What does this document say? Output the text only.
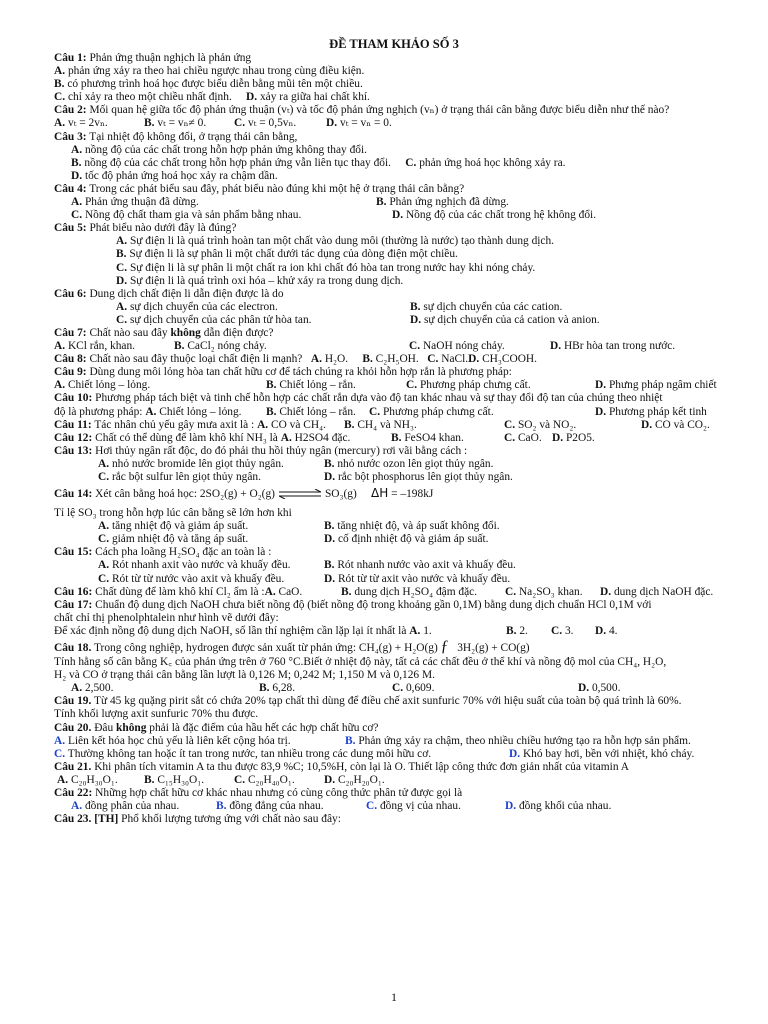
ĐỀ THAM KHẢO SỐ 3
Câu 1: Phản ứng thuận nghịch là phản ứng
A. phản ứng xảy ra theo hai chiều ngược nhau trong cùng điều kiện.
B. có phương trình hoá học được biểu diễn bằng mũi tên một chiều.
C. chỉ xảy ra theo một chiều nhất định. D. xảy ra giữa hai chất khí.
Câu 2: Mối quan hệ giữa tốc độ phản ứng thuận (vₜ) và tốc độ phản ứng nghịch (vₙ) ở trạng thái cân bằng được biểu diễn như thế nào?
A. vₜ = 2vₙ.	B. vₜ = vₙ≠ 0. C. vₜ = 0,5vₙ.	D. vₜ = vₙ = 0.
Câu 3: Tại nhiệt độ không đổi, ở trạng thái cân bằng,
A. nồng độ của các chất trong hỗn hợp phản ứng không thay đổi.
B. nồng độ của các chất trong hỗn hợp phản ứng vẫn liên tục thay đổi. C. phản ứng hoá học không xảy ra.
D. tốc độ phản ứng hoá học xảy ra chậm dần.
Câu 4: Trong các phát biểu sau đây, phát biểu nào đúng khi một hệ ở trạng thái cân bằng?
A. Phản ứng thuận đã dừng.	B. Phản ứng nghịch đã dừng.
C. Nồng độ chất tham gia và sản phẩm bằng nhau.	D. Nồng độ của các chất trong hệ không đổi.
Câu 5: Phát biểu nào dưới đây là đúng?
A. Sự điện li là quá trình hoàn tan một chất vào dung môi (thường là nước) tạo thành dung dịch.
B. Sự điện li là sự phân li một chất dưới tác dụng của dòng điện một chiều.
C. Sự điện li là sự phân li một chất ra ion khi chất đó hòa tan trong nước hay khi nóng chảy.
D. Sự điện li là quá trình oxi hóa – khử xảy ra trong dung dịch.
Câu 6: Dung dịch chất điện li dẫn điện được là do
A. sự dịch chuyển của các electron.	B. sự dịch chuyển của các cation.
C. sự dịch chuyển của các phân tử hòa tan.	D. sự dịch chuyển của cả cation và anion.
Câu 7: Chất nào sau đây không dẫn điện được?
A. KCl rắn, khan.	B. CaCl₂ nóng chảy.	C. NaOH nóng chảy.	D. HBr hòa tan trong nước.
Câu 8: Chất nào sau đây thuộc loại chất điện li mạnh? A. H₂O. B. C₂H₅OH. C. NaCl.D. CH₃COOH.
Câu 9: Dùng dung môi lỏng hòa tan chất hữu cơ để tách chúng ra khỏi hỗn hợp rắn là phương pháp:
A. Chiết lỏng – lỏng.	B. Chiết lỏng – rắn.	C. Phương pháp chưng cất.	D. Phưng pháp ngâm chiết
Câu 10: Phương pháp tách biệt và tinh chế hỗn hợp các chất rắn dựa vào độ tan khác nhau và sự thay đổi độ tan của chúng theo nhiệt
độ là phương pháp: A. Chiết lỏng – lỏng. B. Chiết lỏng – rắn. C. Phương pháp chưng cất.	D. Phương pháp kết tinh
Câu 11: Tác nhân chủ yếu gây mưa axit là : A. CO và CH₄. B. CH₄ và NH₃.	C. SO₂ và NO₂.	D. CO và CO₂.
Câu 12: Chất có thể dùng để làm khô khí NH₃ là A. H2SO4 đặc.	B. FeSO4 khan.	C. CaO. D. P2O5.
Câu 13: Hơi thủy ngân rất độc, do đó phải thu hồi thủy ngân (mercury) rơi vãi bằng cách :
A. nhỏ nước bromide lên giọt thủy ngân.	B. nhỏ nước ozon lên giọt thủy ngân.
C. rắc bột sulfur lên giọt thủy ngân.	D. rắc bột phosphorus lên giọt thủy ngân.
Câu 14: Xét cân bằng hoá học: 2SO₂(g) + O₂(g) ⇌ SO₃(g) ΔH = –198kJ
Tỉ lệ SO₃ trong hỗn hợp lúc cân bằng sẽ lớn hơn khi
A. tăng nhiệt độ và giảm áp suất.	B. tăng nhiệt độ, và áp suất không đổi.
C. giảm nhiệt độ và tăng áp suất.	D. cố định nhiệt độ và giảm áp suất.
Câu 15: Cách pha loãng H₂SO₄ đặc an toàn là :
A. Rót nhanh axit vào nước và khuấy đều.	B. Rót nhanh nước vào axit và khuấy đều.
C. Rót từ từ nước vào axit và khuấy đều.	D. Rót từ từ axit vào nước và khuấy đều.
Câu 16: Chất dùng để làm khô khí Cl₂ ẩm là :A. CaO.	B. dung dịch H₂SO₄ đậm đặc. C. Na₂SO₃ khan. D. dung dịch NaOH đặc.
Câu 17: Chuẩn độ dung dịch NaOH chưa biết nồng độ (biết nồng độ trong khoảng gần 0,1M) bằng dung dịch chuẩn HCl 0,1M với
chất chỉ thị phenolphtalein như hình vẽ dưới đây:
Để xác định nồng độ dung dịch NaOH, số lần thí nghiệm cần lặp lại ít nhất là A. 1.	B. 2. C. 3. D. 4.
Câu 18. Trong công nghiệp, hydrogen được sản xuất từ phản ứng: CH₄(g) + H₂O(g) ƒ 3H₂(g) + CO(g)
Tính hằng số cân bằng K꜀ của phản ứng trên ở 760 °C.Biết ở nhiệt độ này, tất cả các chất đều ở thể khí và nồng độ mol của CH₄, H₂O,
H₂ và CO ở trạng thái cân bằng lần lượt là 0,126 M; 0,242 M; 1,150 M và 0,126 M.
A. 2,500.	B. 6,28.	C. 0,609.	D. 0,500.
Câu 19. Từ 45 kg quặng pirit sắt có chứa 20% tạp chất thì dùng để điều chế axit sunfuric 70% với hiệu suất của toàn bộ quá trình là 60%.
Tính khối lượng axit sunfuric 70% thu được.
Câu 20. Đâu không phải là đặc điểm của hầu hết các hợp chất hữu cơ?
A. Liên kết hóa học chủ yếu là liên kết cộng hóa trị.	B. Phản ứng xảy ra chậm, theo nhiều chiều hướng tạo ra hỗn hợp sản phẩm.
C. Thường không tan hoặc ít tan trong nước, tan nhiều trong các dung môi hữu cơ.	D. Khó bay hơi, bền với nhiệt, khó cháy.
Câu 21. Khi phân tích vitamin A ta thu được 83,9 %C; 10,5%H, còn lại là O. Thiết lập công thức đơn giản nhất của vitamin A
A. C₂₀H₃₀O₁. B. C₁₅H₃₀O₁.	C. C₂₀H₄₀O₁.	D. C₂₀H₂₀O₁.
Câu 22: Những hợp chất hữu cơ khác nhau nhưng có cùng công thức phân tử được gọi là
A. đồng phân của nhau.	B. đồng đẳng của nhau.	C. đồng vị của nhau.	D. đồng khối của nhau.
Câu 23. [TH] Phổ khối lượng tương ứng với chất nào sau đây:
1
